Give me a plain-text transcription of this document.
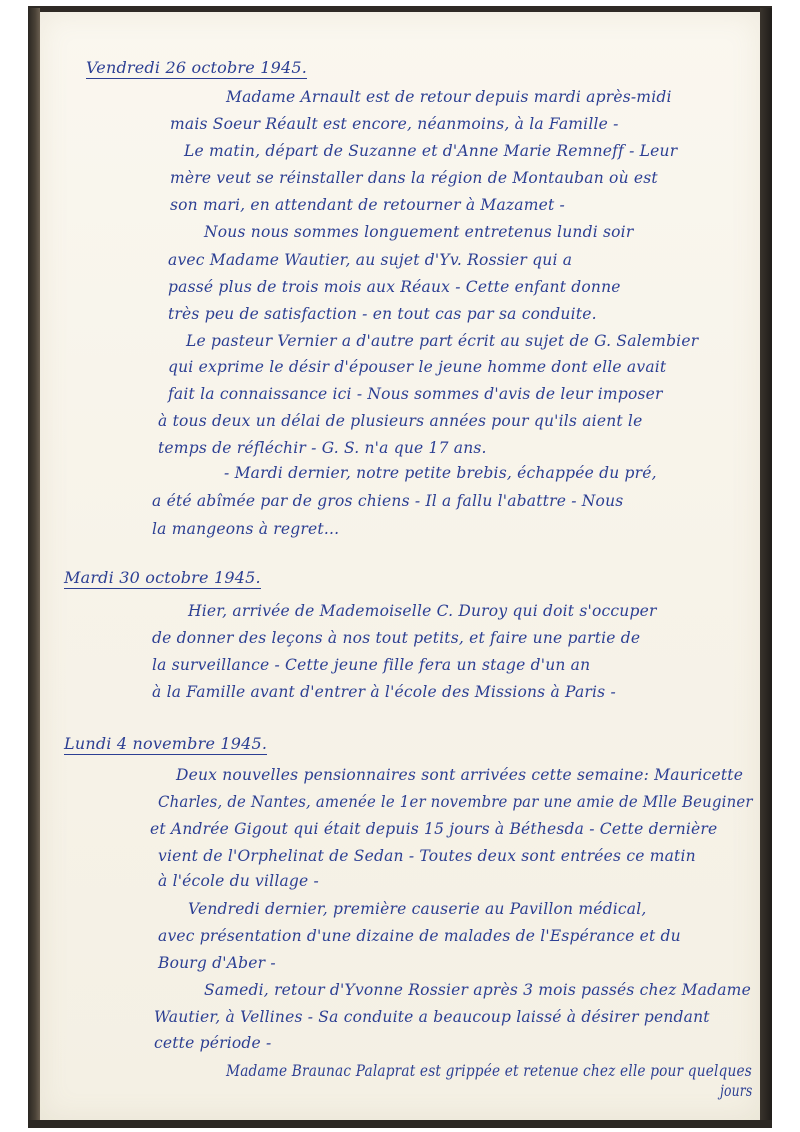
Vendredi 26 octobre 1945.
Madame Arnault est de retour depuis mardi après-midi
mais Soeur Réault est encore, néanmoins, à la Famille -
Le matin, départ de Suzanne et d'Anne Marie Remneff - Leur
mère veut se réinstaller dans la région de Montauban où est
son mari, en attendant de retourner à Mazamet -
Nous nous sommes longuement entretenus lundi soir
avec Madame Wautier, au sujet d'Yv. Rossier qui a
passé plus de trois mois aux Réaux - Cette enfant donne
très peu de satisfaction - en tout cas par sa conduite.
Le pasteur Vernier a d'autre part écrit au sujet de G. Salembier
qui exprime le désir d'épouser le jeune homme dont elle avait
fait la connaissance ici - Nous sommes d'avis de leur imposer
à tous deux un délai de plusieurs années pour qu'ils aient le
temps de réfléchir - G. S. n'a que 17 ans.
- Mardi dernier, notre petite brebis, échappée du pré,
a été abîmée par de gros chiens - Il a fallu l'abattre - Nous
la mangeons à regret...
Mardi 30 octobre 1945.
Hier, arrivée de Mademoiselle C. Duroy qui doit s'occuper
de donner des leçons à nos tout petits, et faire une partie de
la surveillance - Cette jeune fille fera un stage d'un an
à la Famille avant d'entrer à l'école des Missions à Paris -
Lundi 4 novembre 1945.
Deux nouvelles pensionnaires sont arrivées cette semaine: Mauricette
Charles, de Nantes, amenée le 1er novembre par une amie de Mlle Beuginer
et Andrée Gigout qui était depuis 15 jours à Béthesda - Cette dernière
vient de l'Orphelinat de Sedan - Toutes deux sont entrées ce matin
à l'école du village -
Vendredi dernier, première causerie au Pavillon médical,
avec présentation d'une dizaine de malades de l'Espérance et du
Bourg d'Aber -
Samedi, retour d'Yvonne Rossier après 3 mois passés chez Madame
Wautier, à Vellines - Sa conduite a beaucoup laissé à désirer pendant
cette période -
Madame Braunac Palaprat est grippée et retenue chez elle pour quelques
jours
